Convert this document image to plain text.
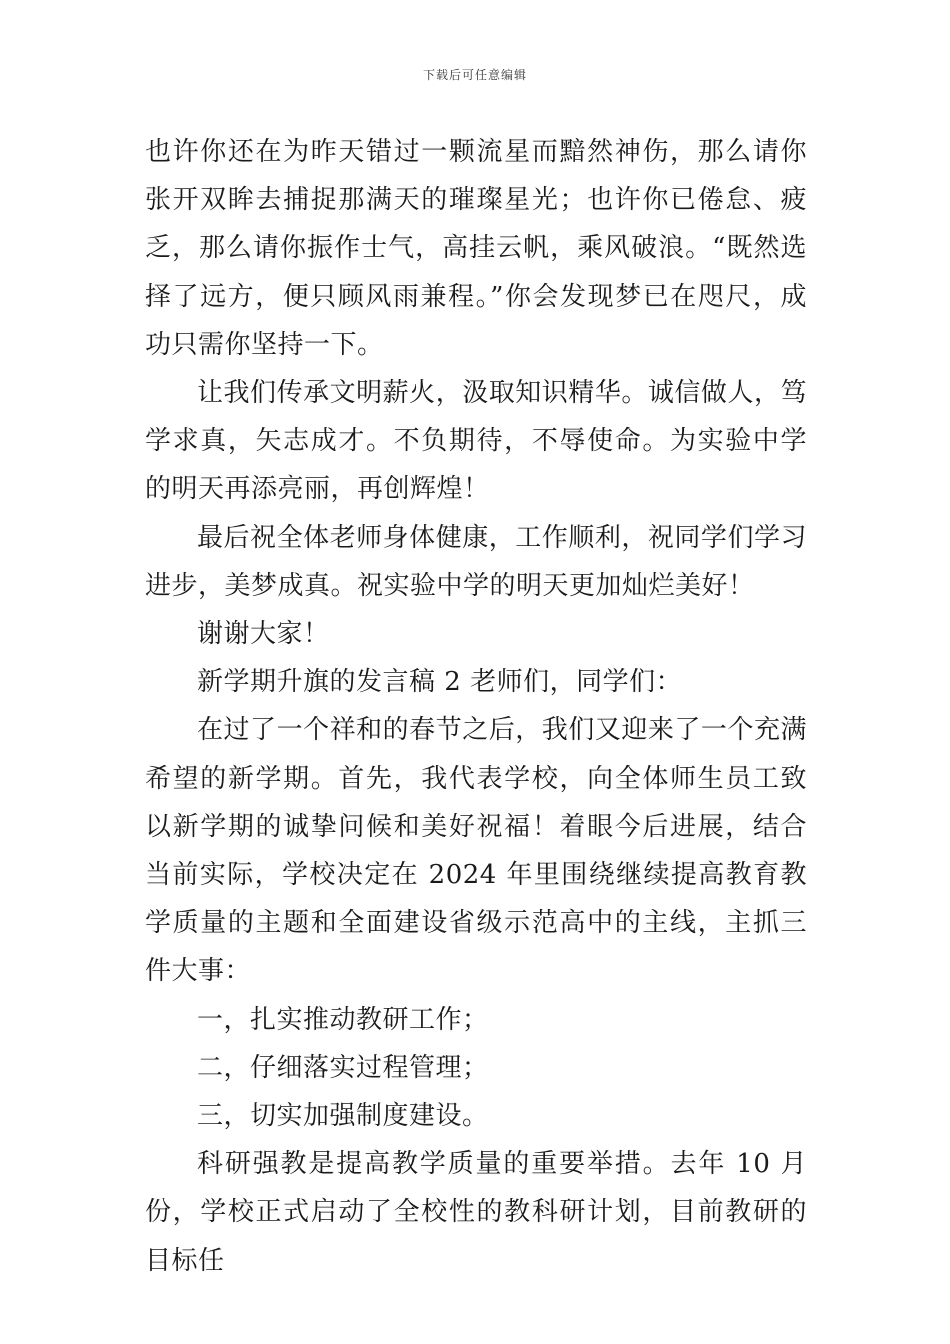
下载后可任意编辑

也许你还在为昨天错过一颗流星而黯然神伤，那么请你张开双眸去捕捉那满天的璀璨星光；也许你已倦怠、疲乏，那么请你振作士气，高挂云帆，乘风破浪。“既然选择了远方，便只顾风雨兼程。”你会发现梦已在咫尺，成功只需你坚持一下。

让我们传承文明薪火，汲取知识精华。诚信做人，笃学求真，矢志成才。不负期待，不辱使命。为实验中学的明天再添亮丽，再创辉煌！

最后祝全体老师身体健康，工作顺利，祝同学们学习进步，美梦成真。祝实验中学的明天更加灿烂美好！

谢谢大家！

新学期升旗的发言稿 2 老师们，同学们：

在过了一个祥和的春节之后，我们又迎来了一个充满希望的新学期。首先，我代表学校，向全体师生员工致以新学期的诚挚问候和美好祝福！着眼今后进展，结合当前实际，学校决定在 2024 年里围绕继续提高教育教学质量的主题和全面建设省级示范高中的主线，主抓三件大事：

一，扎实推动教研工作；

二，仔细落实过程管理；

三，切实加强制度建设。

科研强教是提高教学质量的重要举措。去年 10 月份，学校正式启动了全校性的教科研计划，目前教研的目标任
